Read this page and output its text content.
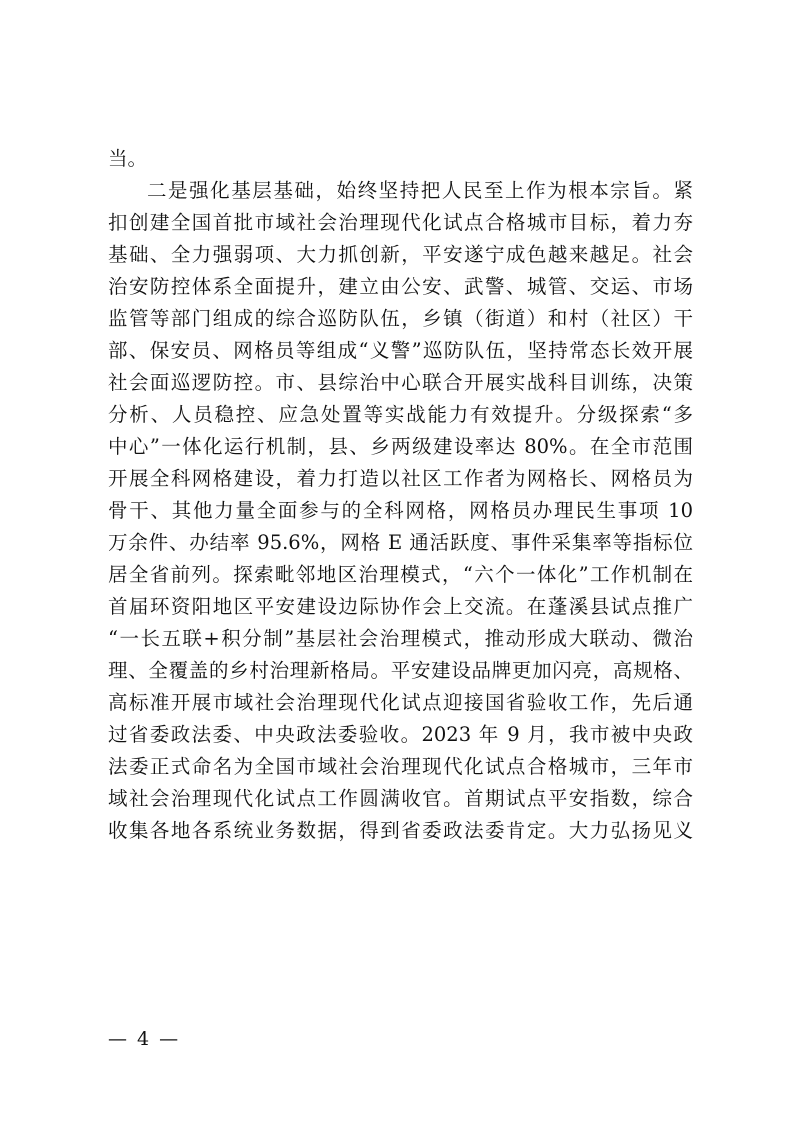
当。
二是强化基层基础，始终坚持把人民至上作为根本宗旨。紧
扣创建全国首批市域社会治理现代化试点合格城市目标，着力夯
基础、全力强弱项、大力抓创新，平安遂宁成色越来越足。社会
治安防控体系全面提升，建立由公安、武警、城管、交运、市场
监管等部门组成的综合巡防队伍，乡镇（街道）和村（社区）干
部、保安员、网格员等组成“义警”巡防队伍，坚持常态长效开展
社会面巡逻防控。市、县综治中心联合开展实战科目训练，决策
分析、人员稳控、应急处置等实战能力有效提升。分级探索“多
中心”一体化运行机制，县、乡两级建设率达 80%。在全市范围
开展全科网格建设，着力打造以社区工作者为网格长、网格员为
骨干、其他力量全面参与的全科网格，网格员办理民生事项 10
万余件、办结率 95.6%，网格 E 通活跃度、事件采集率等指标位
居全省前列。探索毗邻地区治理模式，“六个一体化”工作机制在
首届环资阳地区平安建设边际协作会上交流。在蓬溪县试点推广
“一长五联+积分制”基层社会治理模式，推动形成大联动、微治
理、全覆盖的乡村治理新格局。平安建设品牌更加闪亮，高规格、
高标准开展市域社会治理现代化试点迎接国省验收工作，先后通
过省委政法委、中央政法委验收。2023 年 9 月，我市被中央政
法委正式命名为全国市域社会治理现代化试点合格城市，三年市
域社会治理现代化试点工作圆满收官。首期试点平安指数，综合
收集各地各系统业务数据，得到省委政法委肯定。大力弘扬见义
— 4 —
